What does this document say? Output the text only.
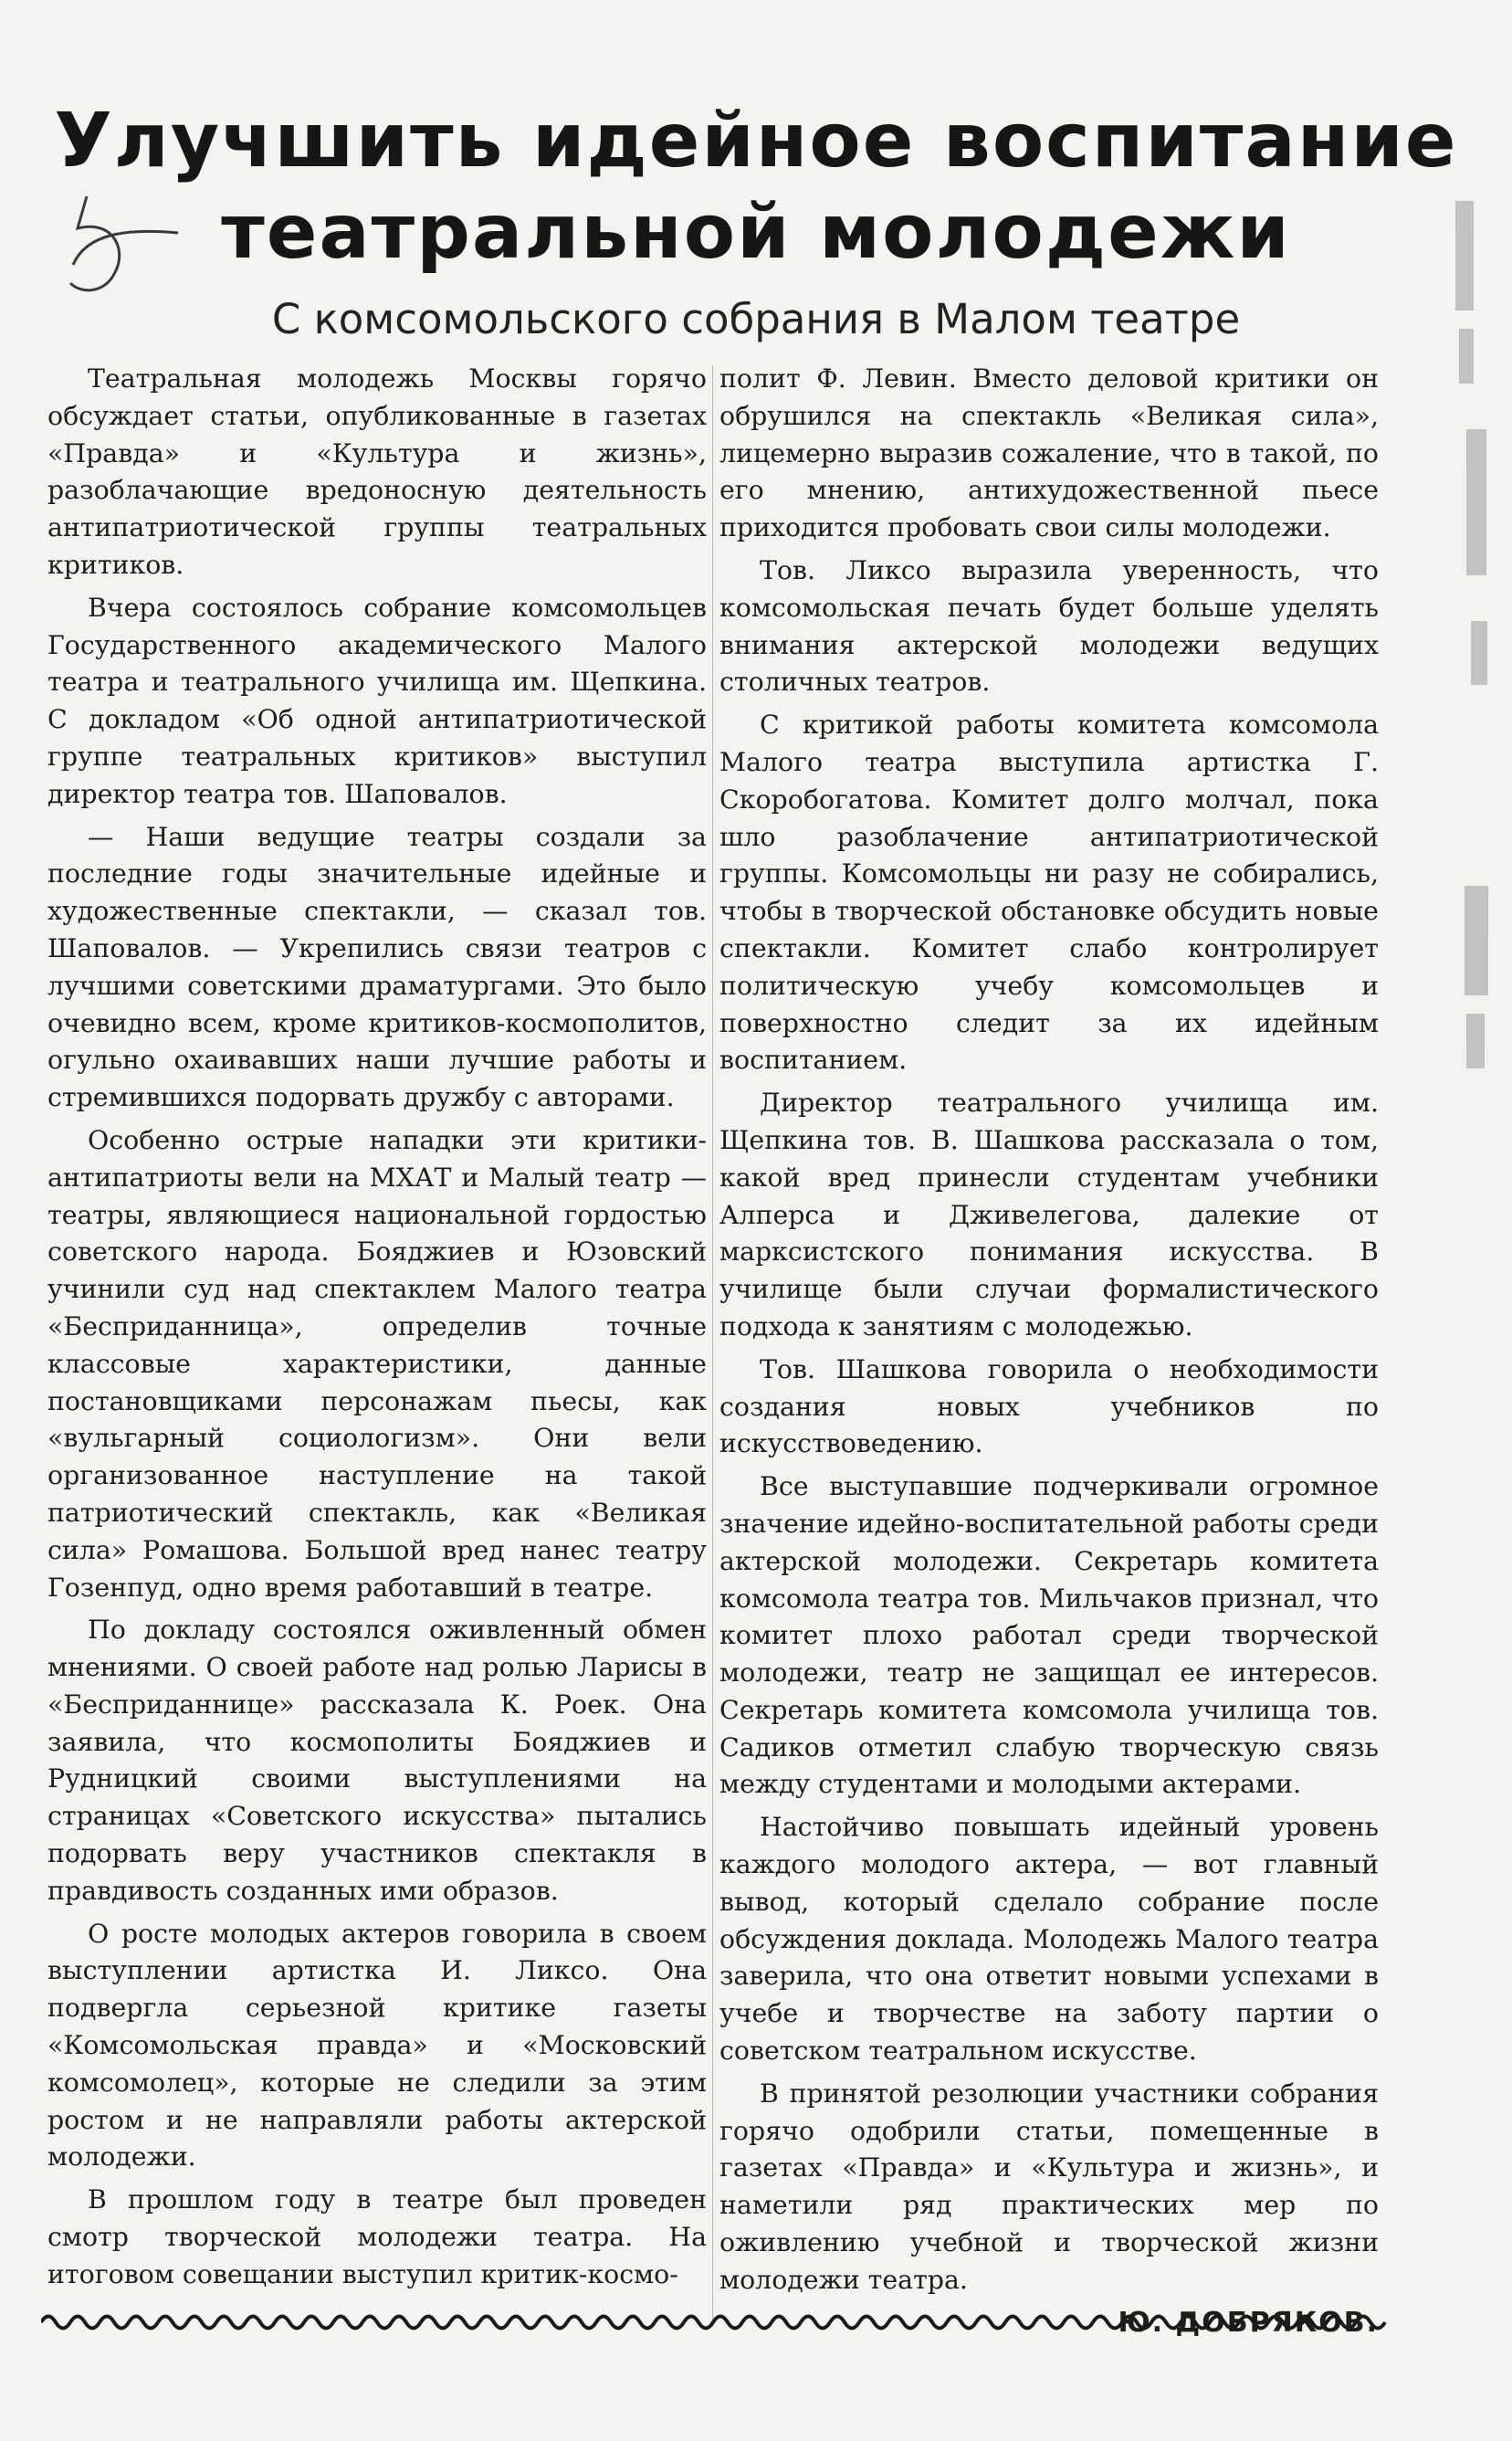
Улучшить идейное воспитание
театральной молодежи
С комсомольского собрания в Малом театре

Театральная молодежь Москвы горячо обсуждает статьи, опубликованные в газетах «Правда» и «Культура и жизнь», разоблачающие вредоносную деятельность антипатриотической группы театральных критиков.

Вчера состоялось собрание комсомольцев Государственного академического Малого театра и театрального училища им. Щепкина. С докладом «Об одной антипатриотической группе театральных критиков» выступил директор театра тов. Шаповалов.

— Наши ведущие театры создали за последние годы значительные идейные и художественные спектакли, — сказал тов. Шаповалов. — Укрепились связи театров с лучшими советскими драматургами. Это было очевидно всем, кроме критиков-космополитов, огульно охаивавших наши лучшие работы и стремившихся подорвать дружбу с авторами.

Особенно острые нападки эти критики-антипатриоты вели на МХАТ и Малый театр — театры, являющиеся национальной гордостью советского народа. Бояджиев и Юзовский учинили суд над спектаклем Малого театра «Бесприданница», определив точные классовые характеристики, данные постановщиками персонажам пьесы, как «вульгарный социологизм». Они вели организованное наступление на такой патриотический спектакль, как «Великая сила» Ромашова. Большой вред нанес театру Гозенпуд, одно время работавший в театре.

По докладу состоялся оживленный обмен мнениями. О своей работе над ролью Ларисы в «Бесприданнице» рассказала К. Роек. Она заявила, что космополиты Бояджиев и Рудницкий своими выступлениями на страницах «Советского искусства» пытались подорвать веру участников спектакля в правдивость созданных ими образов.

О росте молодых актеров говорила в своем выступлении артистка И. Ликсо. Она подвергла серьезной критике газеты «Комсомольская правда» и «Московский комсомолец», которые не следили за этим ростом и не направляли работы актерской молодежи.

В прошлом году в театре был проведен смотр творческой молодежи театра. На итоговом совещании выступил критик-космо-

полит Ф. Левин. Вместо деловой критики он обрушился на спектакль «Великая сила», лицемерно выразив сожаление, что в такой, по его мнению, антихудожественной пьесе приходится пробовать свои силы молодежи.

Тов. Ликсо выразила уверенность, что комсомольская печать будет больше уделять внимания актерской молодежи ведущих столичных театров.

С критикой работы комитета комсомола Малого театра выступила артистка Г. Скоробогатова. Комитет долго молчал, пока шло разоблачение антипатриотической группы. Комсомольцы ни разу не собирались, чтобы в творческой обстановке обсудить новые спектакли. Комитет слабо контролирует политическую учебу комсомольцев и поверхностно следит за их идейным воспитанием.

Директор театрального училища им. Щепкина тов. В. Шашкова рассказала о том, какой вред принесли студентам учебники Алперса и Дживелегова, далекие от марксистского понимания искусства. В училище были случаи формалистического подхода к занятиям с молодежью.

Тов. Шашкова говорила о необходимости создания новых учебников по искусствоведению.

Все выступавшие подчеркивали огромное значение идейно-воспитательной работы среди актерской молодежи. Секретарь комитета комсомола театра тов. Мильчаков признал, что комитет плохо работал среди творческой молодежи, театр не защищал ее интересов. Секретарь комитета комсомола училища тов. Садиков отметил слабую творческую связь между студентами и молодыми актерами.

Настойчиво повышать идейный уровень каждого молодого актера, — вот главный вывод, который сделало собрание после обсуждения доклада. Молодежь Малого театра заверила, что она ответит новыми успехами в учебе и творчестве на заботу партии о советском театральном искусстве.

В принятой резолюции участники собрания горячо одобрили статьи, помещенные в газетах «Правда» и «Культура и жизнь», и наметили ряд практических мер по оживлению учебной и творческой жизни молодежи театра.

Ю. ДОБРЯКОВ.
